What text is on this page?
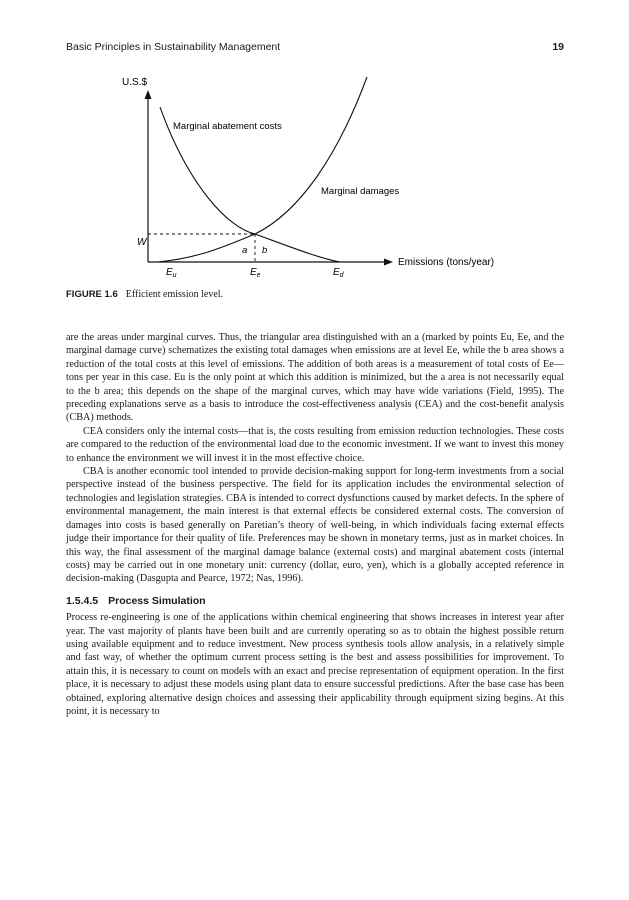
Basic Principles in Sustainability Management	19
U.S.$
Emissions (tons/year)
Marginal abatement costs
Marginal damages
W
a b
$E_u$	$E_e$	$E_d$
FIGURE 1.6 Efficient emission level.

are the areas under marginal curves. Thus, the triangular area distinguished with an a (marked by points Eu, Ee, and the marginal damage curve) schematizes the existing total damages when emissions are at level Ee, while the b area shows a reduction of the total costs at this level of emissions. The addition of both areas is a measurement of total costs of Ee—tons per year in this case. Eu is the only point at which this addition is minimized, but the a area is not necessarily equal to the b area; this depends on the shape of the marginal curves, which may have wide variations (Field, 1995). The preceding explanations serve as a basis to introduce the cost-effectiveness analysis (CEA) and the cost-benefit analysis (CBA) methods.

CEA considers only the internal costs—that is, the costs resulting from emission reduction technologies. These costs are compared to the reduction of the environmental load due to the economic investment. If we want to invest this money to enhance the environment we will invest it in the most effective choice.

CBA is another economic tool intended to provide decision-making support for long-term investments from a social perspective instead of the business perspective. The field for its application includes the environmental selection of technologies and legislation strategies. CBA is intended to correct dysfunctions caused by market defects. In the sphere of environmental management, the main interest is that external effects be considered external costs. The conversion of damages into costs is based generally on Paretian’s theory of well-being, in which individuals facing external effects judge their importance for their quality of life. Preferences may be shown in monetary terms, just as in market choices. In this way, the final assessment of the marginal damage balance (external costs) and marginal abatement costs (internal costs) may be carried out in one monetary unit: currency (dollar, euro, yen), which is a globally accepted reference in decision-making (Dasgupta and Pearce, 1972; Nas, 1996).

1.5.4.5 Process Simulation

Process re-engineering is one of the applications within chemical engineering that shows increases in interest year after year. The vast majority of plants have been built and are currently operating so as to obtain the highest possible return using available equipment and to reduce investment. New process synthesis tools allow analysis, in a relatively simple and fast way, of whether the optimum current process setting is the best and assess possibilities for improvement. To attain this, it is necessary to count on models with an exact and precise representation of equipment operation. In the first place, it is necessary to adjust these models using plant data to ensure successful predictions. After the base case has been obtained, exploring alternative design choices and assessing their applicability through equipment sizing begins. At this point, it is necessary to
